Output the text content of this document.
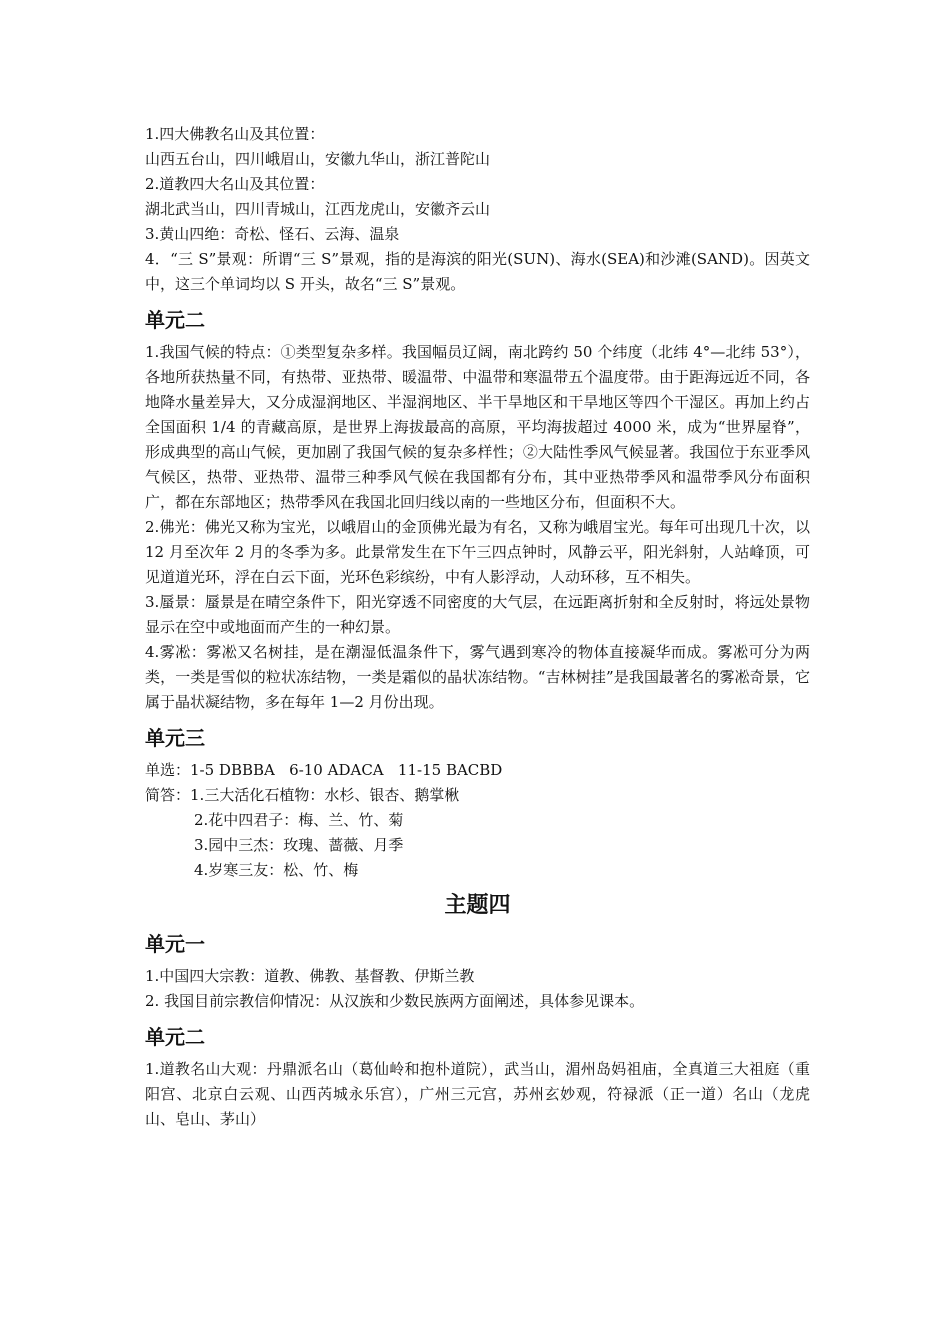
1.四大佛教名山及其位置：
山西五台山，四川峨眉山，安徽九华山，浙江普陀山
2.道教四大名山及其位置：
湖北武当山，四川青城山，江西龙虎山，安徽齐云山
3.黄山四绝：奇松、怪石、云海、温泉
4．“三 S”景观：所谓“三 S”景观，指的是海滨的阳光(SUN)、海水(SEA)和沙滩(SAND)。因英文中，这三个单词均以 S 开头，故名“三 S”景观。
单元二
1.我国气候的特点：①类型复杂多样。我国幅员辽阔，南北跨约 50 个纬度（北纬 4°—北纬 53°），各地所获热量不同，有热带、亚热带、暖温带、中温带和寒温带五个温度带。由于距海远近不同，各地降水量差异大，又分成湿润地区、半湿润地区、半干旱地区和干旱地区等四个干湿区。再加上约占全国面积 1/4 的青藏高原，是世界上海拔最高的高原，平均海拔超过 4000 米，成为“世界屋脊”，形成典型的高山气候，更加剧了我国气候的复杂多样性；②大陆性季风气候显著。我国位于东亚季风气候区，热带、亚热带、温带三种季风气候在我国都有分布，其中亚热带季风和温带季风分布面积广，都在东部地区；热带季风在我国北回归线以南的一些地区分布，但面积不大。
2.佛光：佛光又称为宝光，以峨眉山的金顶佛光最为有名，又称为峨眉宝光。每年可出现几十次，以 12 月至次年 2 月的冬季为多。此景常发生在下午三四点钟时，风静云平，阳光斜射，人站峰顶，可见道道光环，浮在白云下面，光环色彩缤纷，中有人影浮动，人动环移，互不相失。
3.蜃景：蜃景是在晴空条件下，阳光穿透不同密度的大气层，在远距离折射和全反射时，将远处景物显示在空中或地面而产生的一种幻景。
4.雾凇：雾凇又名树挂，是在潮湿低温条件下，雾气遇到寒冷的物体直接凝华而成。雾凇可分为两类，一类是雪似的粒状冻结物，一类是霜似的晶状冻结物。“吉林树挂”是我国最著名的雾凇奇景，它属于晶状凝结物，多在每年 1—2 月份出现。
单元三
单选：1-5 DBBBA   6-10 ADACA   11-15 BACBD
简答：1.三大活化石植物：水杉、银杏、鹅掌楸
2.花中四君子：梅、兰、竹、菊
3.园中三杰：玫瑰、蔷薇、月季
4.岁寒三友：松、竹、梅
主题四
单元一
1.中国四大宗教：道教、佛教、基督教、伊斯兰教
2. 我国目前宗教信仰情况：从汉族和少数民族两方面阐述，具体参见课本。
单元二
1.道教名山大观：丹鼎派名山（葛仙岭和抱朴道院），武当山，湄州岛妈祖庙，全真道三大祖庭（重阳宫、北京白云观、山西芮城永乐宫），广州三元宫，苏州玄妙观，符禄派（正一道）名山（龙虎山、皂山、茅山）
